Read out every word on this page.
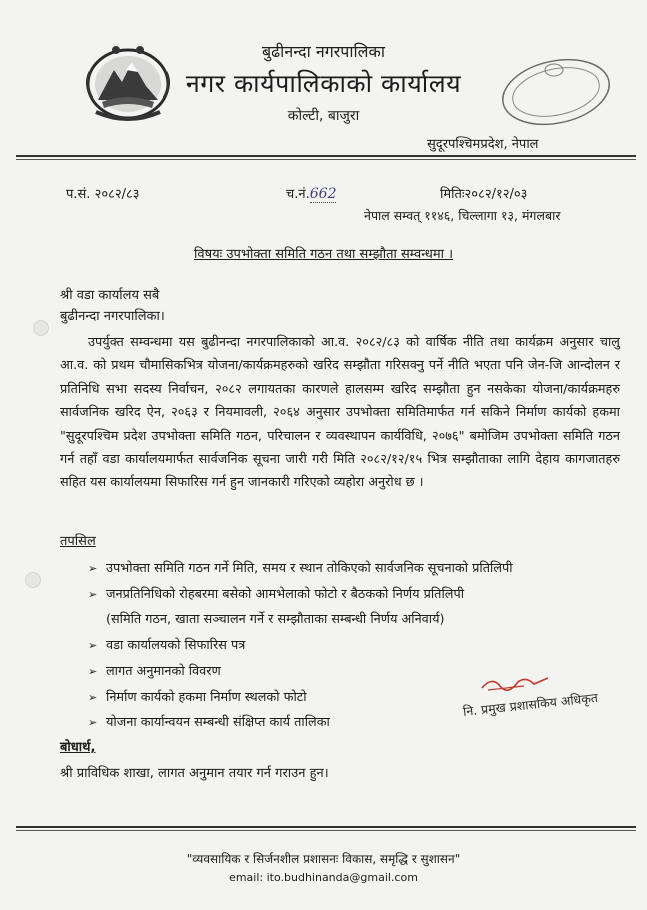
बुढीनन्दा नगरपालिका
नगर कार्यपालिकाको कार्यालय
कोल्टी, बाजुरा
सुदूरपश्चिमप्रदेश, नेपाल
प.सं. २०८२/८३	च.नं.662	मितिः२०८२/१२/०३
नेपाल सम्वत् ११४६, चिल्लागा १३, मंगलबार
विषयः उपभोक्ता समिति गठन तथा सम्झौता सम्वन्धमा ।
श्री वडा कार्यालय सबै
बुढीनन्दा नगरपालिका।

उपर्युक्त सम्वन्धमा यस बुढीनन्दा नगरपालिकाको आ.व. २०८२/८३ को वार्षिक नीति तथा कार्यक्रम अनुसार चालु आ.व. को प्रथम चौमासिकभित्र योजना/कार्यक्रमहरुको खरिद सम्झौता गरिसक्नु पर्ने नीति भएता पनि जेन-जि आन्दोलन र प्रतिनिधि सभा सदस्य निर्वाचन, २०८२ लगायतका कारणले हालसम्म खरिद सम्झौता हुन नसकेका योजना/कार्यक्रमहरु सार्वजनिक खरिद ऐन, २०६३ र नियमावली, २०६४ अनुसार उपभोक्ता समितिमार्फत गर्न सकिने निर्माण कार्यको हकमा "सुदूरपश्चिम प्रदेश उपभोक्ता समिति गठन, परिचालन र व्यवस्थापन कार्यविधि, २०७६" बमोजिम उपभोक्ता समिति गठन गर्न तहाँ वडा कार्यालयमार्फत सार्वजनिक सूचना जारी गरी मिति २०८२/१२/१५ भित्र सम्झौताका लागि देहाय कागजातहरु सहित यस कार्यालयमा सिफारिस गर्न हुन जानकारी गरिएको व्यहोरा अनुरोध छ ।

तपसिल
➢ उपभोक्ता समिति गठन गर्ने मिति, समय र स्थान तोकिएको सार्वजनिक सूचनाको प्रतिलिपी
➢ जनप्रतिनिधिको रोहबरमा बसेको आमभेलाको फोटो र बैठकको निर्णय प्रतिलिपी
(समिति गठन, खाता सञ्चालन गर्ने र सम्झौताका सम्बन्धी निर्णय अनिवार्य)
➢ वडा कार्यालयको सिफारिस पत्र
➢ लागत अनुमानको विवरण
➢ निर्माण कार्यको हकमा निर्माण स्थलको फोटो
➢ योजना कार्यान्वयन सम्बन्धी संक्षिप्त कार्य तालिका
नि. प्रमुख प्रशासकिय अधिकृत
बोधार्थ,
श्री प्राविधिक शाखा, लागत अनुमान तयार गर्न गराउन हुन।
"व्यवसायिक र सिर्जनशील प्रशासनः विकास, समृद्धि र सुशासन"
email: ito.budhinanda@gmail.com
